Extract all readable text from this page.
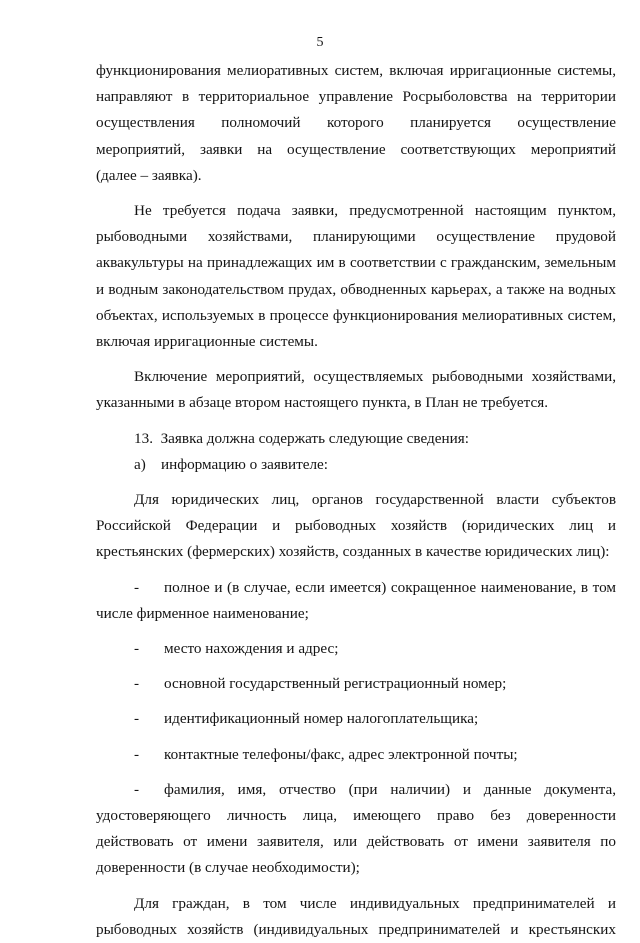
5
функционирования мелиоративных систем, включая ирригационные системы,
направляют в территориальное управление Росрыболовства на территории
осуществления полномочий которого планируется осуществление
мероприятий, заявки на осуществление соответствующих мероприятий
(далее – заявка).
Не требуется подача заявки, предусмотренной настоящим пунктом,
рыбоводными хозяйствами, планирующими осуществление прудовой
аквакультуры на принадлежащих им в соответствии с гражданским, земельным
и водным законодательством прудах, обводненных карьерах, а также на водных
объектах, используемых в процессе функционирования мелиоративных систем,
включая ирригационные системы.
Включение мероприятий, осуществляемых рыбоводными хозяйствами,
указанными в абзаце втором настоящего пункта, в План не требуется.
13.  Заявка должна содержать следующие сведения:
а)    информацию о заявителе:
Для юридических лиц, органов государственной власти субъектов
Российской Федерации и рыбоводных хозяйств (юридических лиц и
крестьянских (фермерских) хозяйств, созданных в качестве юридических лиц):
- полное и (в случае, если имеется) сокращенное наименование, в том
числе фирменное наименование;
- место нахождения и адрес;
- основной государственный регистрационный номер;
- идентификационный номер налогоплательщика;
- контактные телефоны/факс, адрес электронной почты;
- фамилия, имя, отчество (при наличии) и данные документа,
удостоверяющего личность лица, имеющего право без доверенности
действовать от имени заявителя, или действовать от имени заявителя по
доверенности (в случае необходимости);
Для граждан, в том числе индивидуальных предпринимателей и
рыбоводных хозяйств (индивидуальных предпринимателей и крестьянских
